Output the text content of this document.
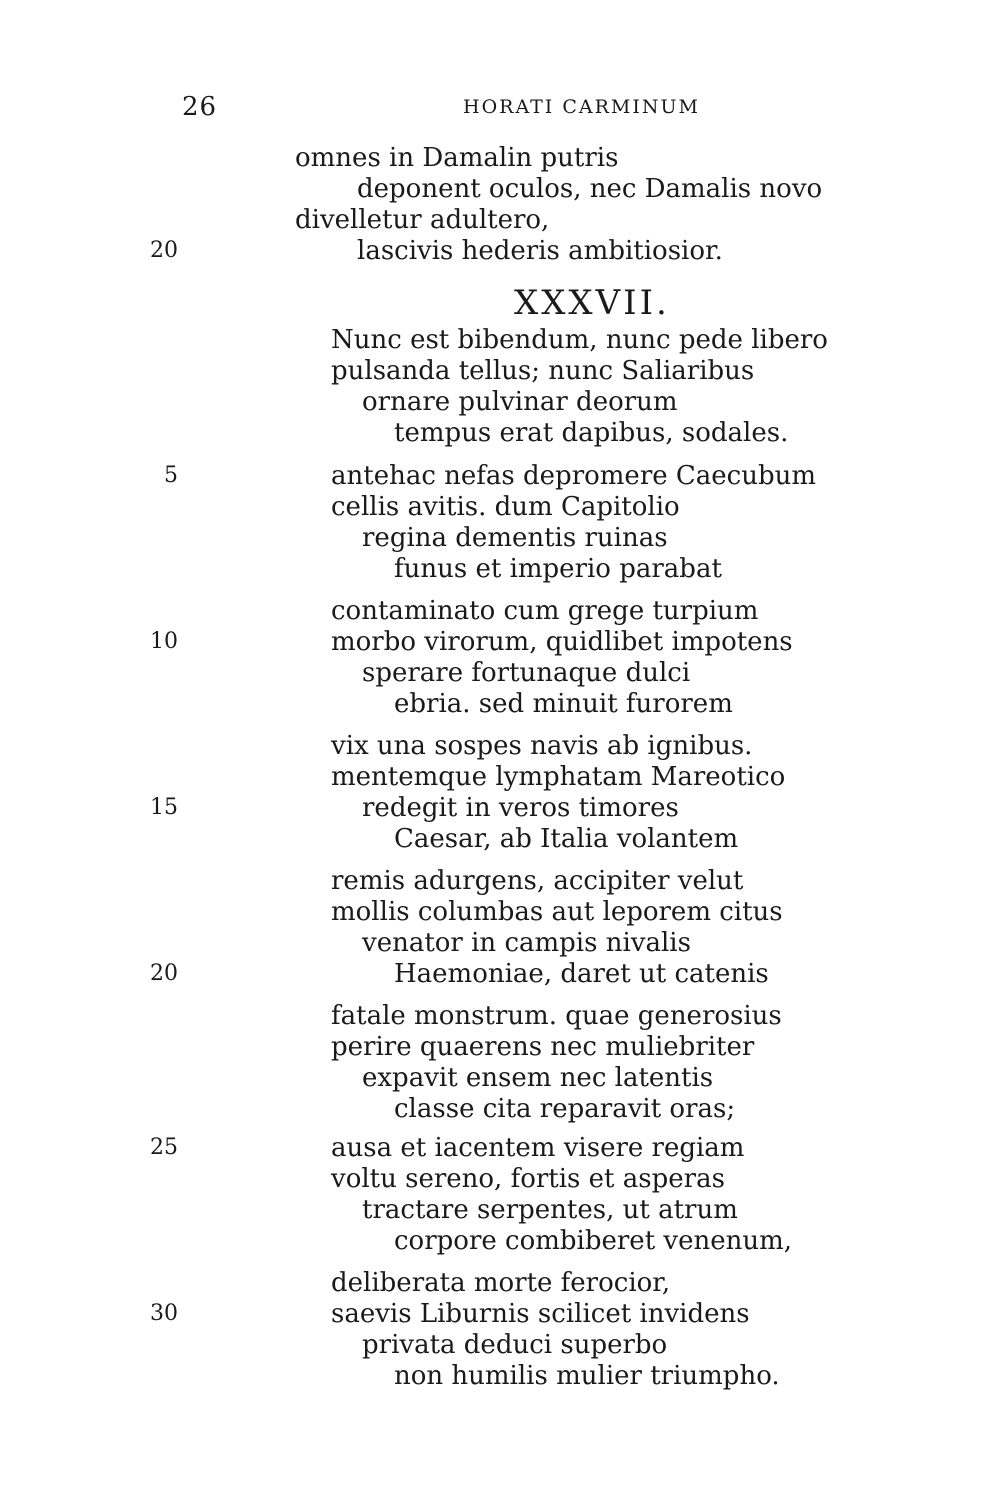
26	HORATI CARMINUM
omnes in Damalin putris
deponent oculos, nec Damalis novo
divelletur adultero,
lascivis hederis ambitiosior.
20
XXXVII.
Nunc est bibendum, nunc pede libero
pulsanda tellus; nunc Saliaribus
ornare pulvinar deorum
tempus erat dapibus, sodales.
5	antehac nefas depromere Caecubum
cellis avitis. dum Capitolio
regina dementis ruinas
funus et imperio parabat
contaminato cum grege turpium
10	morbo virorum, quidlibet impotens
sperare fortunaque dulci
ebria. sed minuit furorem
vix una sospes navis ab ignibus.
mentemque lymphatam Mareotico
15	redegit in veros timores
Caesar, ab Italia volantem
remis adurgens, accipiter velut
mollis columbas aut leporem citus
venator in campis nivalis
20	Haemoniae, daret ut catenis
fatale monstrum. quae generosius
perire quaerens nec muliebriter
expavit ensem nec latentis
classe cita reparavit oras;
25	ausa et iacentem visere regiam
voltu sereno, fortis et asperas
tractare serpentes, ut atrum
corpore combiberet venenum,
deliberata morte ferocior,
30	saevis Liburnis scilicet invidens
privata deduci superbo
non humilis mulier triumpho.
